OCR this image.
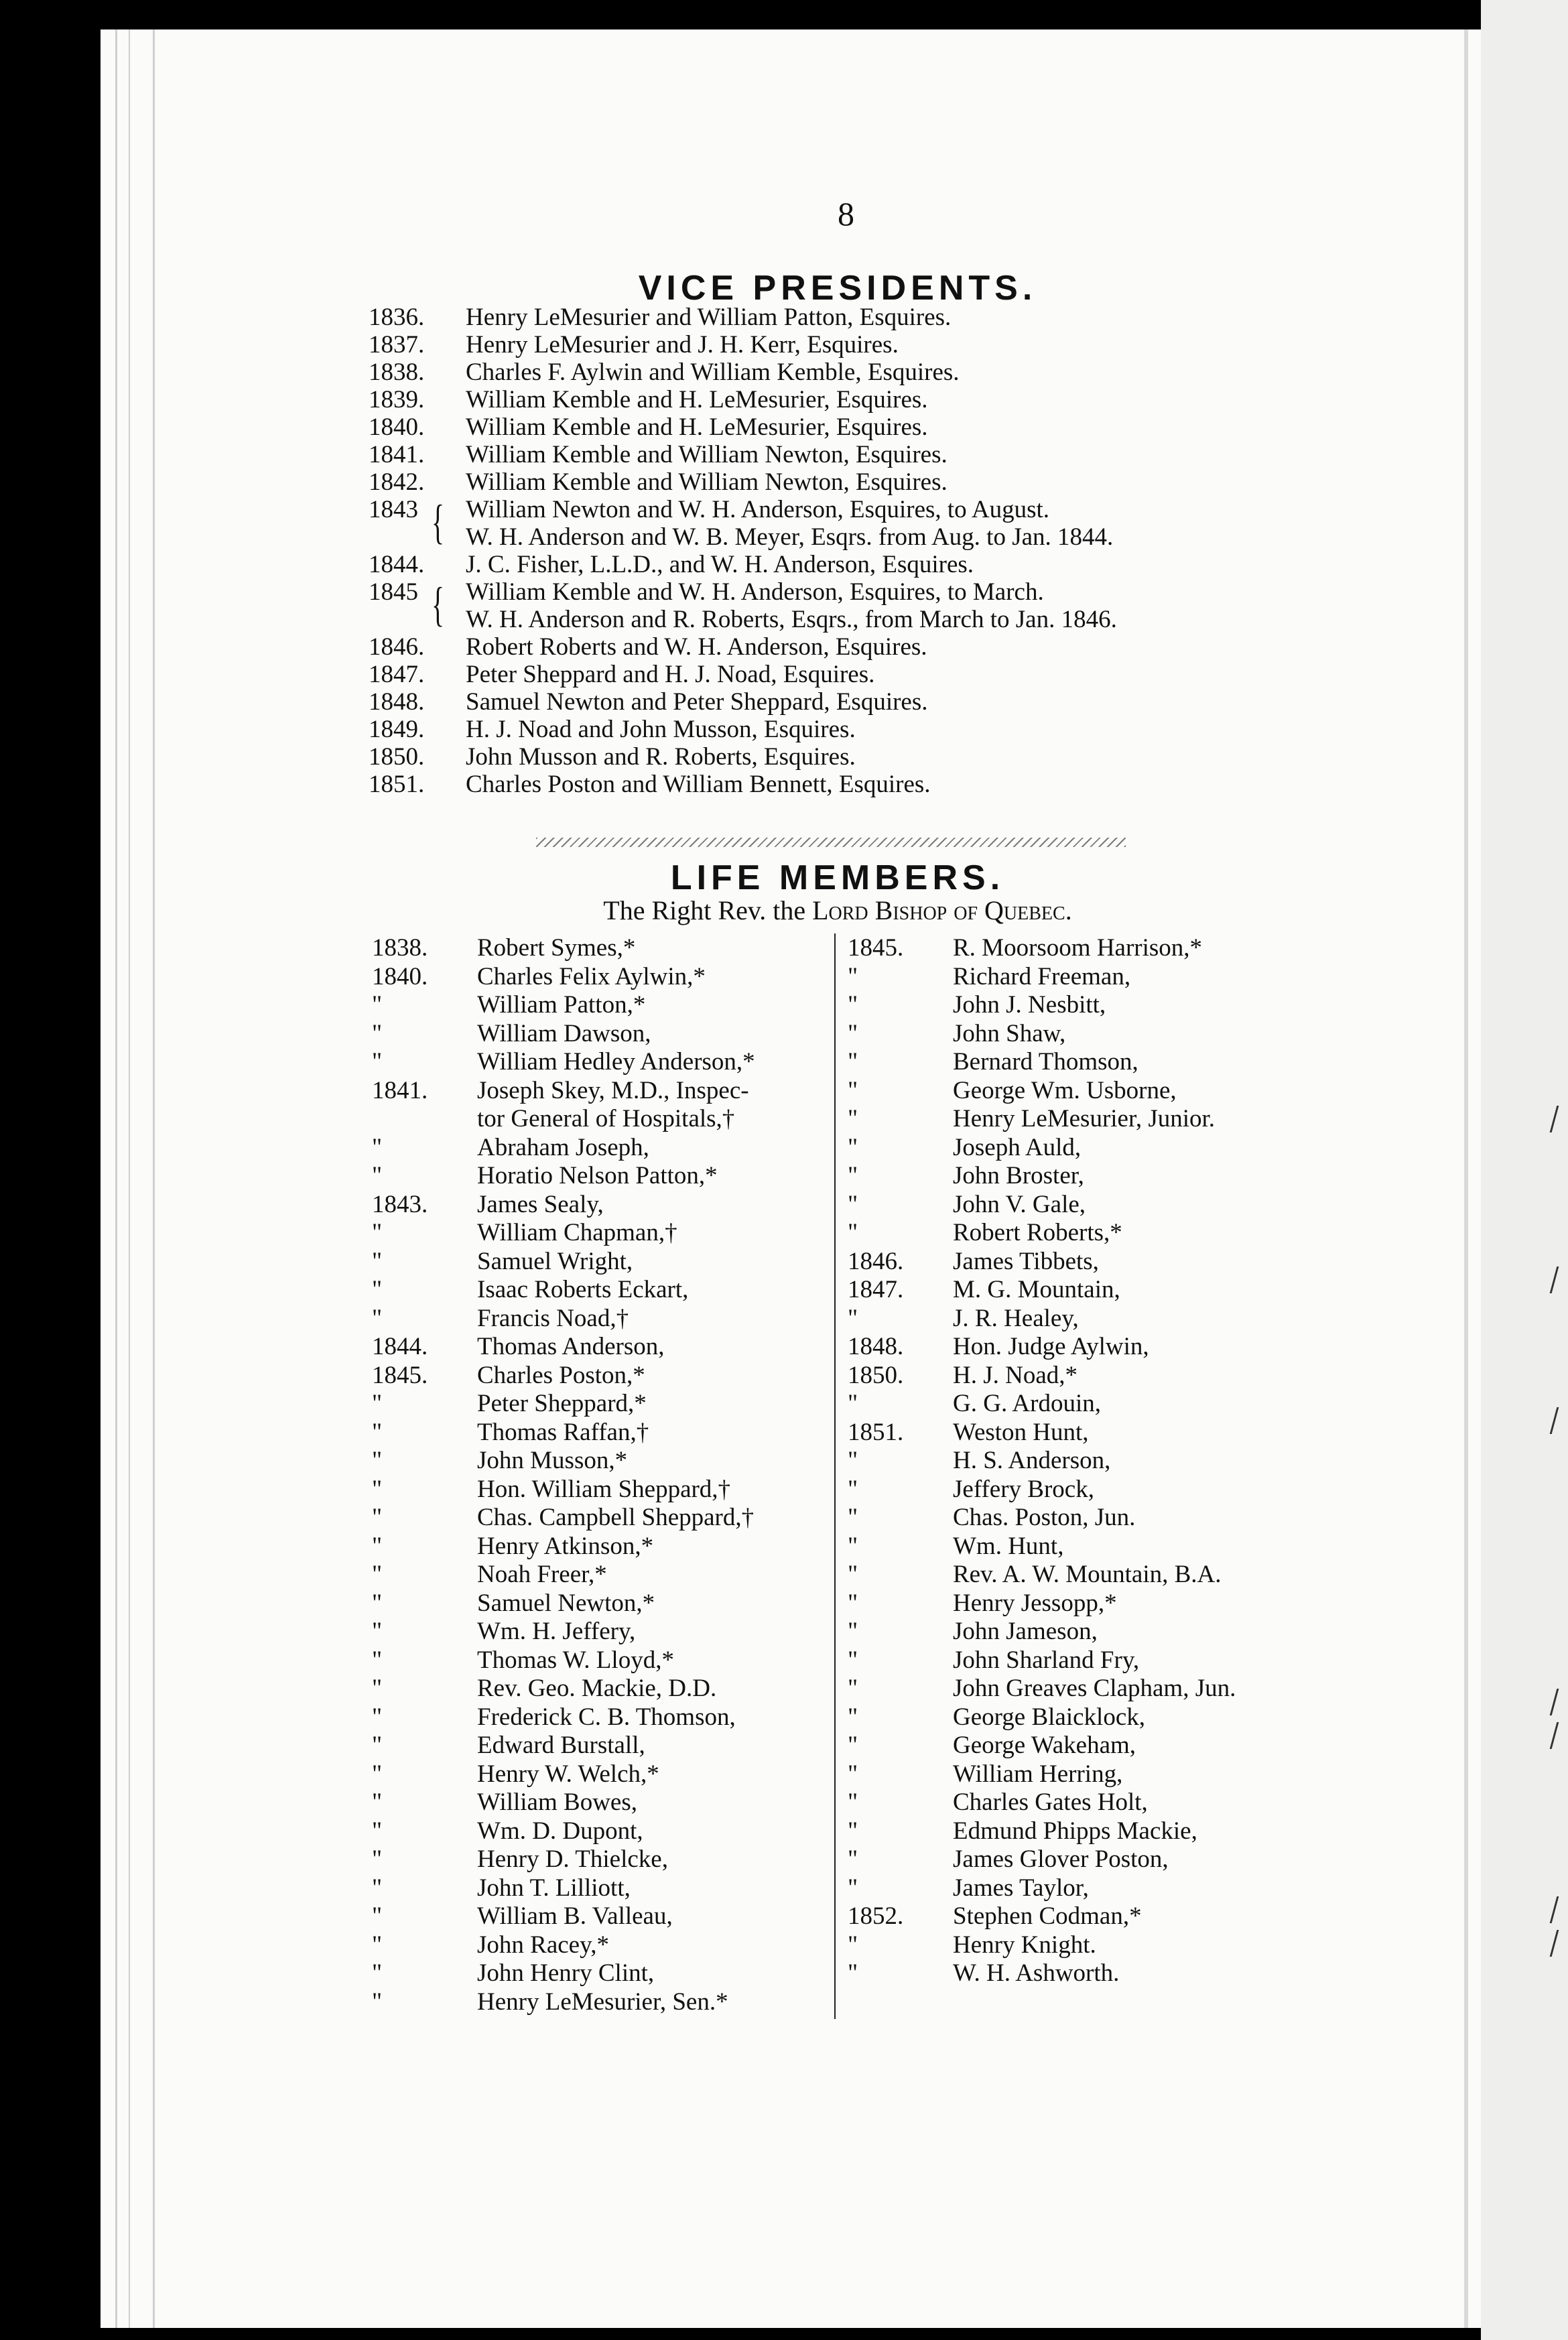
8
VICE PRESIDENTS.
1836.	Henry LeMesurier and William Patton, Esquires.
1837.	Henry LeMesurier and J. H. Kerr, Esquires.
1838.	Charles F. Aylwin and William Kemble, Esquires.
1839.	William Kemble and H. LeMesurier, Esquires.
1840.	William Kemble and H. LeMesurier, Esquires.
1841.	William Kemble and William Newton, Esquires.
1842.	William Kemble and William Newton, Esquires.
1843	William Newton and W. H. Anderson, Esquires, to August.
{ W. H. Anderson and W. B. Meyer, Esqrs. from Aug. to Jan. 1844.
1844.	J. C. Fisher, L.L.D., and W. H. Anderson, Esquires.
1845	William Kemble and W. H. Anderson, Esquires, to March.
{ W. H. Anderson and R. Roberts, Esqrs., from March to Jan. 1846.
1846.	Robert Roberts and W. H. Anderson, Esquires.
1847.	Peter Sheppard and H. J. Noad, Esquires.
1848.	Samuel Newton and Peter Sheppard, Esquires.
1849.	H. J. Noad and John Musson, Esquires.
1850.	John Musson and R. Roberts, Esquires.
1851.	Charles Poston and William Bennett, Esquires.
LIFE MEMBERS.
The Right Rev. the Lord Bishop of Quebec.
1838. Robert Symes,*
1840. Charles Felix Aylwin,*
"	William Patton,*
"	William Dawson,
"	William Hedley Anderson,*
1841. Joseph Skey, M.D., Inspec-
tor General of Hospitals,†
"	Abraham Joseph,
"	Horatio Nelson Patton,*
1843. James Sealy,
"	William Chapman,†
"	Samuel Wright,
"	Isaac Roberts Eckart,
"	Francis Noad,†
1844. Thomas Anderson,
1845. Charles Poston,*
"	Peter Sheppard,*
"	Thomas Raffan,†
"	John Musson,*
"	Hon. William Sheppard,†
"	Chas. Campbell Sheppard,†
"	Henry Atkinson,*
"	Noah Freer,*
"	Samuel Newton,*
"	Wm. H. Jeffery,
"	Thomas W. Lloyd,*
"	Rev. Geo. Mackie, D.D.
"	Frederick C. B. Thomson,
"	Edward Burstall,
"	Henry W. Welch,*
"	William Bowes,
"	Wm. D. Dupont,
"	Henry D. Thielcke,
"	John T. Lilliott,
"	William B. Valleau,
"	John Racey,*
"	John Henry Clint,
"	Henry LeMesurier, Sen.*
1845. R. Moorsoom Harrison,*
"	Richard Freeman,
"	John J. Nesbitt,
"	John Shaw,
"	Bernard Thomson,
"	George Wm. Usborne,
"	Henry LeMesurier, Junior.
"	Joseph Auld,
"	John Broster,
"	John V. Gale,
"	Robert Roberts,*
1846. James Tibbets,
1847. M. G. Mountain,
"	J. R. Healey,
1848. Hon. Judge Aylwin,
1850. H. J. Noad,*
"	G. G. Ardouin,
1851. Weston Hunt,
"	H. S. Anderson,
"	Jeffery Brock,
"	Chas. Poston, Jun.
"	Wm. Hunt,
"	Rev. A. W. Mountain, B.A.
"	Henry Jessopp,*
"	John Jameson,
"	John Sharland Fry,
"	John Greaves Clapham, Jun.
"	George Blaicklock,
"	George Wakeham,
"	William Herring,
"	Charles Gates Holt,
"	Edmund Phipps Mackie,
"	James Glover Poston,
"	James Taylor,
1852. Stephen Codman,*
"	Henry Knight.
"	W. H. Ashworth.
